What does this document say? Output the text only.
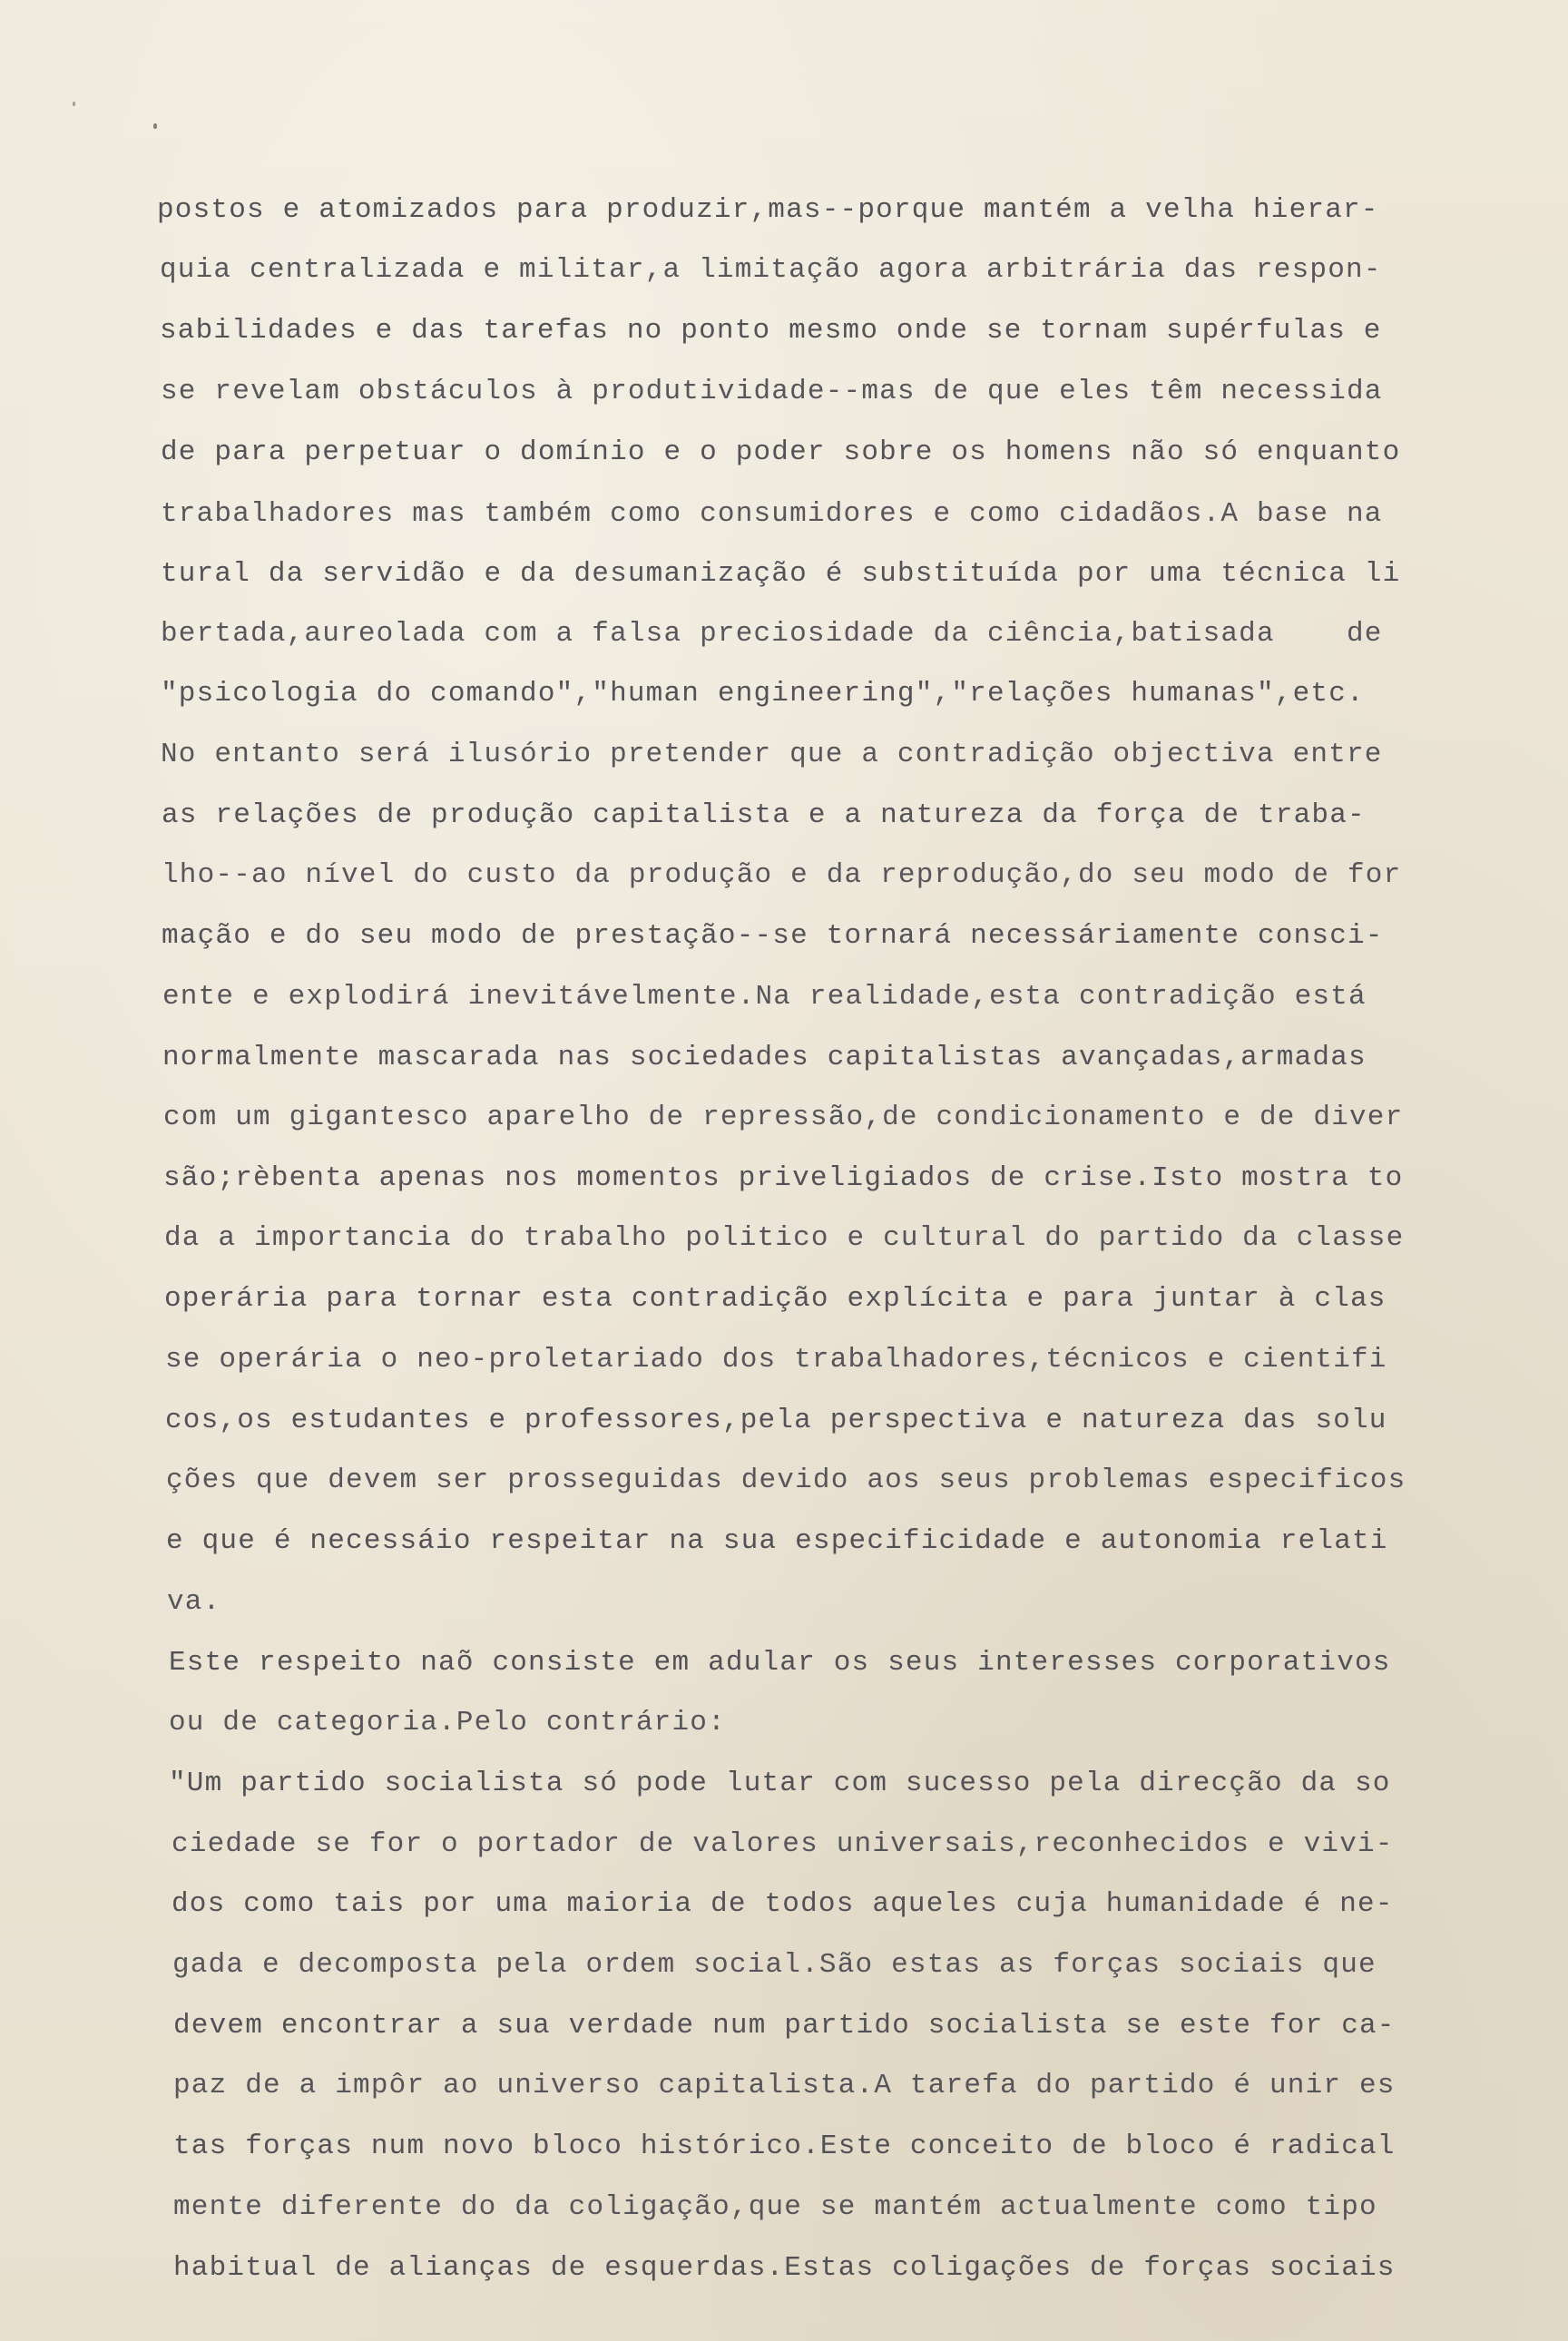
postos e atomizados para produzir,mas--porque mantém a velha hierar-
quia centralizada e militar,a limitação agora arbitrária das respon-
sabilidades e das tarefas no ponto mesmo onde se tornam supérfulas e
se revelam obstáculos à produtividade--mas de que eles têm necessida
de para perpetuar o domínio e o poder sobre os homens não só enquanto
trabalhadores mas também como consumidores e como cidadãos.A base na
tural da servidão e da desumanização é substituída por uma técnica li
bertada,aureolada com a falsa preciosidade da ciência,batisada    de
"psicologia do comando","human engineering","relações humanas",etc.
No entanto será ilusório pretender que a contradição objectiva entre
as relações de produção capitalista e a natureza da força de traba-
lho--ao nível do custo da produção e da reprodução,do seu modo de for
mação e do seu modo de prestação--se tornará necessáriamente consci-
ente e explodirá inevitávelmente.Na realidade,esta contradição está
normalmente mascarada nas sociedades capitalistas avançadas,armadas
com um gigantesco aparelho de repressão,de condicionamento e de diver
são;rèbenta apenas nos momentos priveligiados de crise.Isto mostra to
da a importancia do trabalho politico e cultural do partido da classe
operária para tornar esta contradição explícita e para juntar à clas
se operária o neo-proletariado dos trabalhadores,técnicos e cientifi
cos,os estudantes e professores,pela perspectiva e natureza das solu
ções que devem ser prosseguidas devido aos seus problemas especificos
e que é necessáio respeitar na sua especificidade e autonomia relati
va.
Este respeito naõ consiste em adular os seus interesses corporativos
ou de categoria.Pelo contrário:
"Um partido socialista só pode lutar com sucesso pela direcção da so
ciedade se for o portador de valores universais,reconhecidos e vivi-
dos como tais por uma maioria de todos aqueles cuja humanidade é ne-
gada e decomposta pela ordem social.São estas as forças sociais que
devem encontrar a sua verdade num partido socialista se este for ca-
paz de a impôr ao universo capitalista.A tarefa do partido é unir es
tas forças num novo bloco histórico.Este conceito de bloco é radical
mente diferente do da coligação,que se mantém actualmente como tipo
habitual de alianças de esquerdas.Estas coligações de forças sociais
